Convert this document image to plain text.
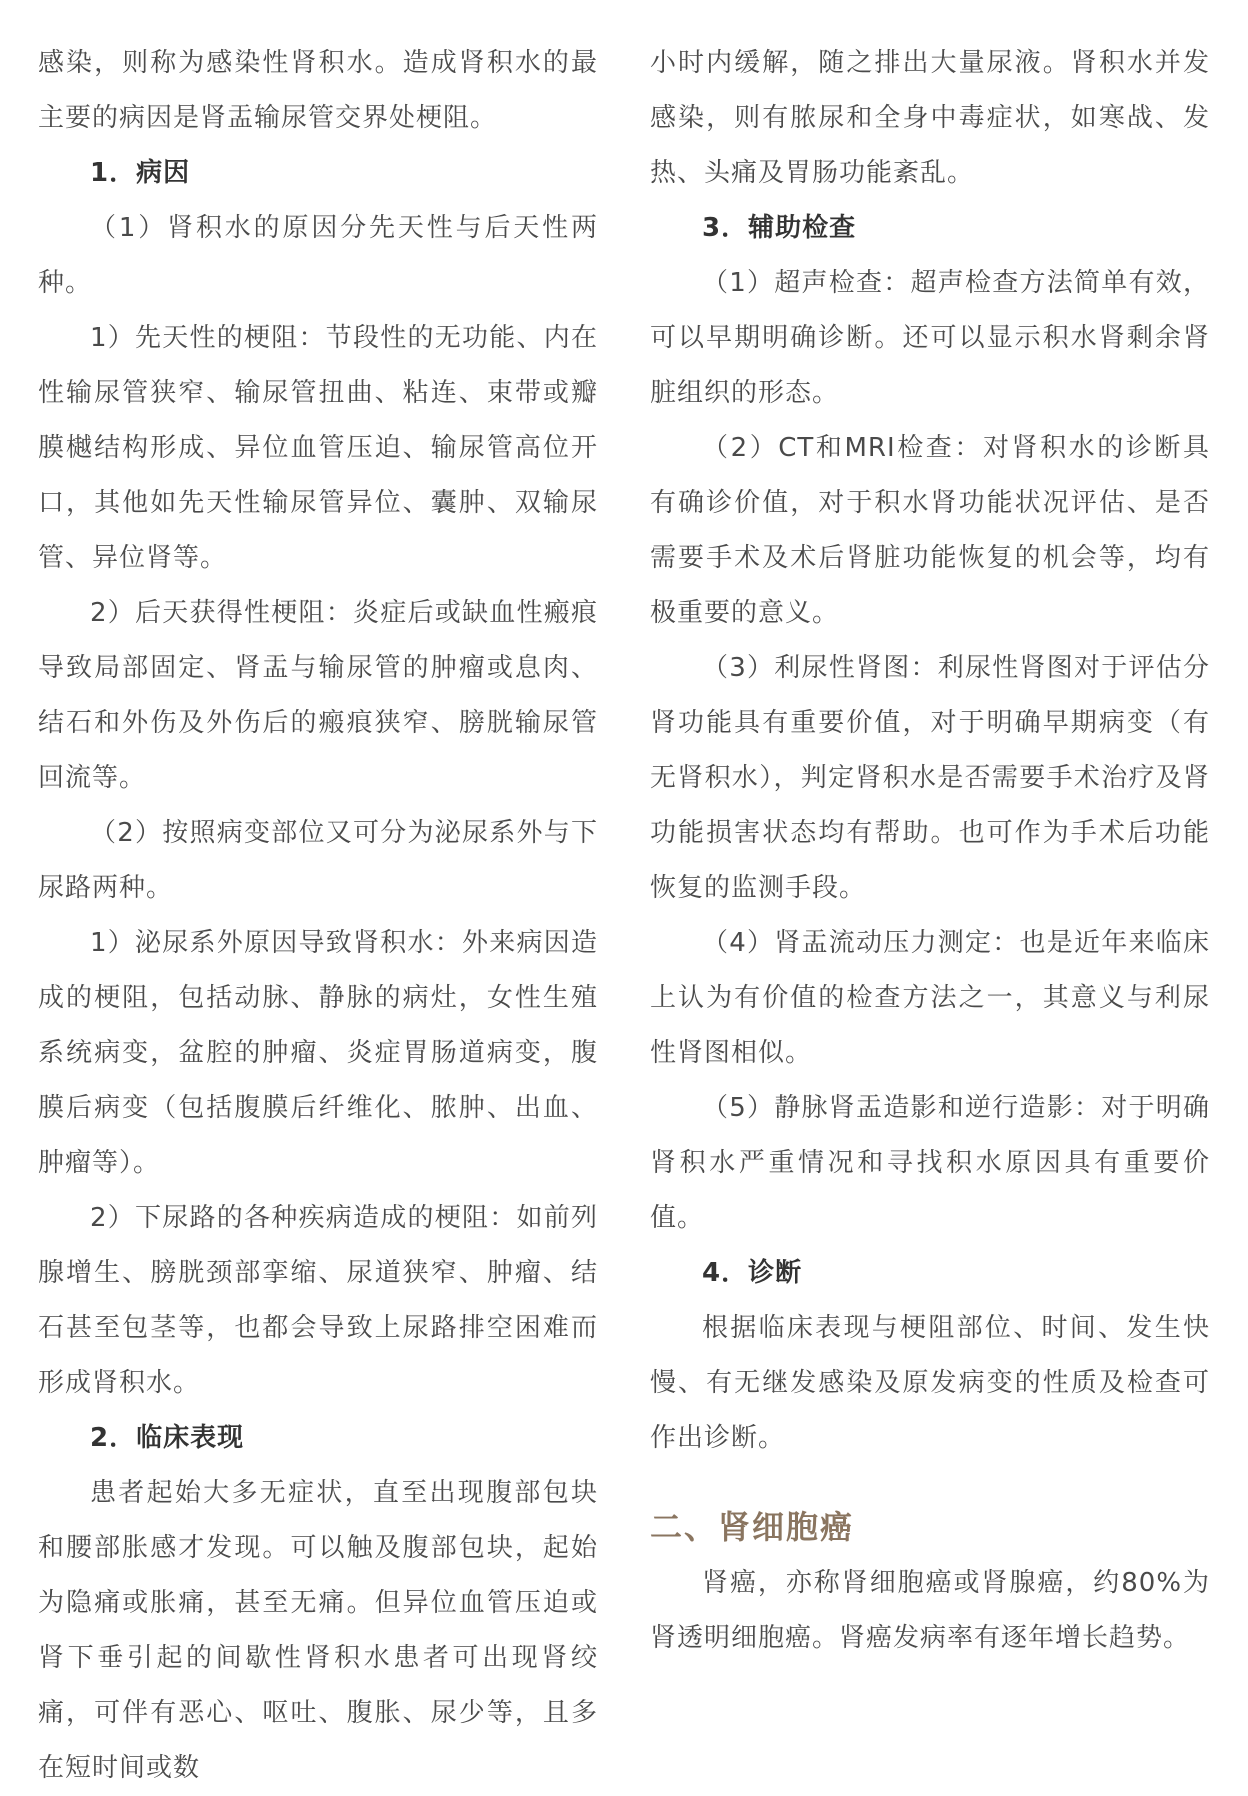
感染，则称为感染性肾积水。造成肾积水的最主要的病因是肾盂输尿管交界处梗阻。

1．病因

（1）肾积水的原因分先天性与后天性两种。

1）先天性的梗阻：节段性的无功能、内在性输尿管狭窄、输尿管扭曲、粘连、束带或瓣膜樾结构形成、异位血管压迫、输尿管高位开口，其他如先天性输尿管异位、囊肿、双输尿管、异位肾等。

2）后天获得性梗阻：炎症后或缺血性瘢痕导致局部固定、肾盂与输尿管的肿瘤或息肉、结石和外伤及外伤后的瘢痕狭窄、膀胱输尿管回流等。

（2）按照病变部位又可分为泌尿系外与下尿路两种。

1）泌尿系外原因导致肾积水：外来病因造成的梗阻，包括动脉、静脉的病灶，女性生殖系统病变，盆腔的肿瘤、炎症胃肠道病变，腹膜后病变（包括腹膜后纤维化、脓肿、出血、肿瘤等）。

2）下尿路的各种疾病造成的梗阻：如前列腺增生、膀胱颈部挛缩、尿道狭窄、肿瘤、结石甚至包茎等，也都会导致上尿路排空困难而形成肾积水。

2．临床表现

患者起始大多无症状，直至出现腹部包块和腰部胀感才发现。可以触及腹部包块，起始为隐痛或胀痛，甚至无痛。但异位血管压迫或肾下垂引起的间歇性肾积水患者可出现肾绞痛，可伴有恶心、呕吐、腹胀、尿少等，且多在短时间或数

小时内缓解，随之排出大量尿液。肾积水并发感染，则有脓尿和全身中毒症状，如寒战、发热、头痛及胃肠功能紊乱。

3．辅助检查

（1）超声检查：超声检查方法简单有效，可以早期明确诊断。还可以显示积水肾剩余肾脏组织的形态。

（2）CT和MRI检查：对肾积水的诊断具有确诊价值，对于积水肾功能状况评估、是否需要手术及术后肾脏功能恢复的机会等，均有极重要的意义。

（3）利尿性肾图：利尿性肾图对于评估分肾功能具有重要价值，对于明确早期病变（有无肾积水），判定肾积水是否需要手术治疗及肾功能损害状态均有帮助。也可作为手术后功能恢复的监测手段。

（4）肾盂流动压力测定：也是近年来临床上认为有价值的检查方法之一，其意义与利尿性肾图相似。

（5）静脉肾盂造影和逆行造影：对于明确肾积水严重情况和寻找积水原因具有重要价值。

4．诊断

根据临床表现与梗阻部位、时间、发生快慢、有无继发感染及原发病变的性质及检查可作出诊断。

二、肾细胞癌

肾癌，亦称肾细胞癌或肾腺癌，约80%为肾透明细胞癌。肾癌发病率有逐年增长趋势。
